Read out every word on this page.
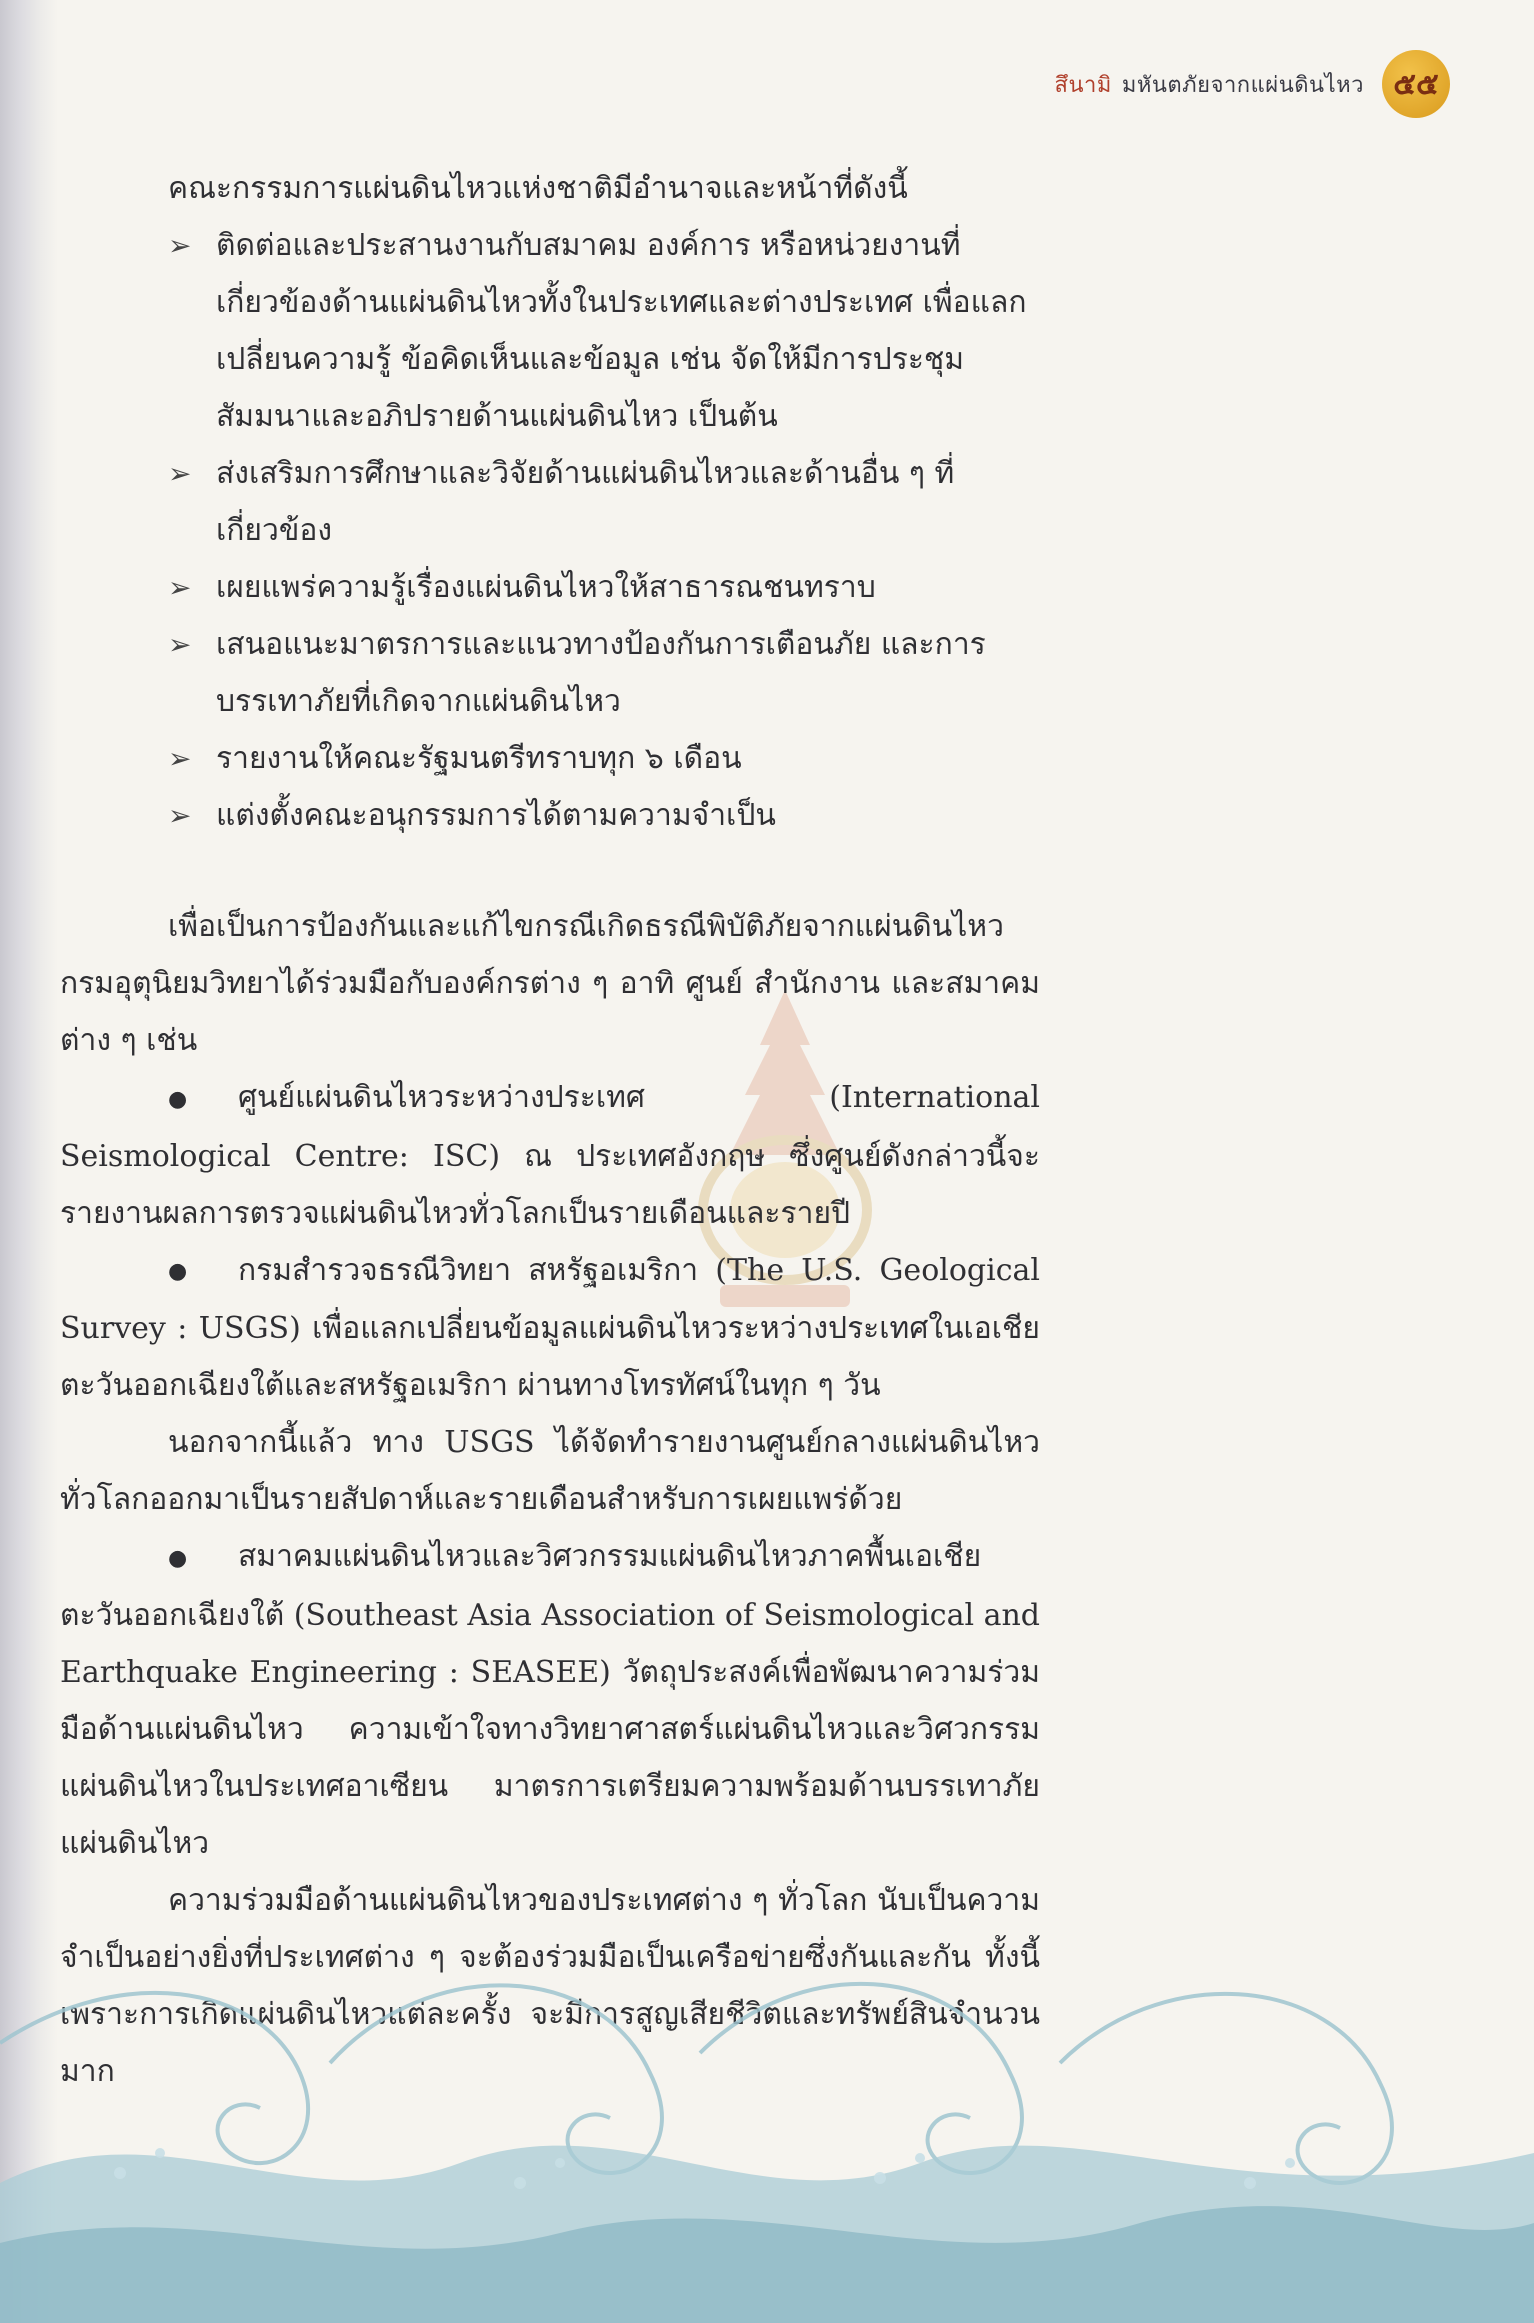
สึนามิ มหันตภัยจากแผ่นดินไหว ๕๕

คณะกรรมการแผ่นดินไหวแห่งชาติมีอำนาจและหน้าที่ดังนี้

➢ ติดต่อและประสานงานกับสมาคม องค์การ หรือหน่วยงานที่เกี่ยวข้องด้านแผ่นดินไหวทั้งในประเทศและต่างประเทศ เพื่อแลกเปลี่ยนความรู้ ข้อคิดเห็นและข้อมูล เช่น จัดให้มีการประชุมสัมมนาและอภิปรายด้านแผ่นดินไหว เป็นต้น
➢ ส่งเสริมการศึกษาและวิจัยด้านแผ่นดินไหวและด้านอื่น ๆ ที่เกี่ยวข้อง
➢ เผยแพร่ความรู้เรื่องแผ่นดินไหวให้สาธารณชนทราบ
➢ เสนอแนะมาตรการและแนวทางป้องกันการเตือนภัย และการบรรเทาภัยที่เกิดจากแผ่นดินไหว
➢ รายงานให้คณะรัฐมนตรีทราบทุก ๖ เดือน
➢ แต่งตั้งคณะอนุกรรมการได้ตามความจำเป็น

เพื่อเป็นการป้องกันและแก้ไขกรณีเกิดธรณีพิบัติภัยจากแผ่นดินไหว กรมอุตุนิยมวิทยาได้ร่วมมือกับองค์กรต่าง ๆ อาทิ ศูนย์ สำนักงาน และสมาคมต่าง ๆ เช่น

● ศูนย์แผ่นดินไหวระหว่างประเทศ (International Seismological Centre: ISC) ณ ประเทศอังกฤษ ซึ่งศูนย์ดังกล่าวนี้จะรายงานผลการตรวจแผ่นดินไหวทั่วโลกเป็นรายเดือนและรายปี

● กรมสำรวจธรณีวิทยา สหรัฐอเมริกา (The U.S. Geological Survey : USGS) เพื่อแลกเปลี่ยนข้อมูลแผ่นดินไหวระหว่างประเทศในเอเชียตะวันออกเฉียงใต้และสหรัฐอเมริกา ผ่านทางโทรทัศน์ในทุก ๆ วัน

นอกจากนี้แล้ว ทาง USGS ได้จัดทำรายงานศูนย์กลางแผ่นดินไหวทั่วโลกออกมาเป็นรายสัปดาห์และรายเดือนสำหรับการเผยแพร่ด้วย

● สมาคมแผ่นดินไหวและวิศวกรรมแผ่นดินไหวภาคพื้นเอเชียตะวันออกเฉียงใต้ (Southeast Asia Association of Seismological and Earthquake Engineering : SEASEE) วัตถุประสงค์เพื่อพัฒนาความร่วมมือด้านแผ่นดินไหว ความเข้าใจทางวิทยาศาสตร์แผ่นดินไหวและวิศวกรรมแผ่นดินไหวในประเทศอาเซียน มาตรการเตรียมความพร้อมด้านบรรเทาภัยแผ่นดินไหว

ความร่วมมือด้านแผ่นดินไหวของประเทศต่าง ๆ ทั่วโลก นับเป็นความจำเป็นอย่างยิ่งที่ประเทศต่าง ๆ จะต้องร่วมมือเป็นเครือข่ายซึ่งกันและกัน ทั้งนี้เพราะการเกิดแผ่นดินไหวแต่ละครั้ง จะมีการสูญเสียชีวิตและทรัพย์สินจำนวนมาก
